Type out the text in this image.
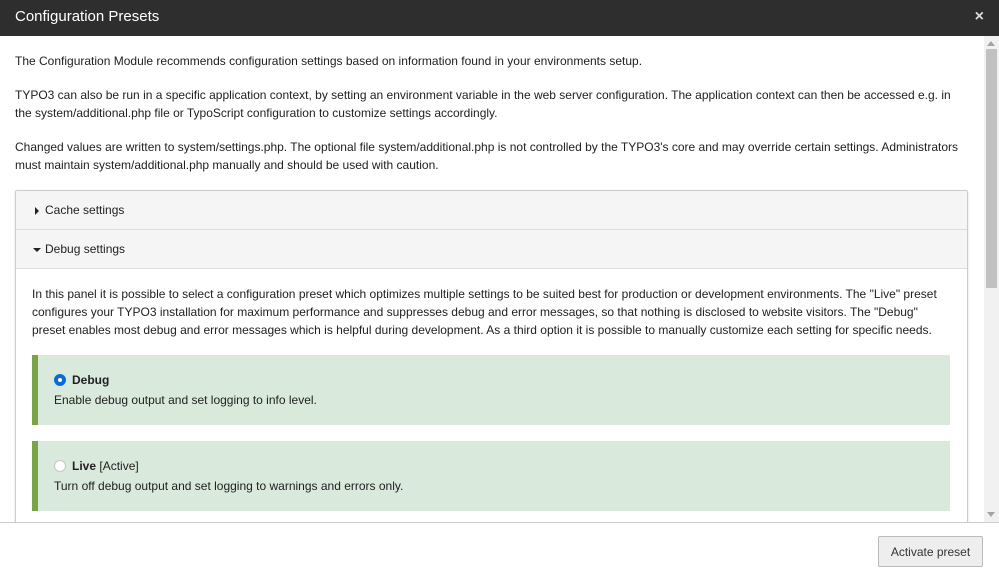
Configuration Presets	×

The Configuration Module recommends configuration settings based on information found in your environments setup.

TYPO3 can also be run in a specific application context, by setting an environment variable in the web server configuration. The application context can then be accessed e.g. in the system/additional.php file or TypoScript configuration to customize settings accordingly.

Changed values are written to system/settings.php. The optional file system/additional.php is not controlled by the TYPO3's core and may override certain settings. Administrators must maintain system/additional.php manually and should be used with caution.

Cache settings
Debug settings
In this panel it is possible to select a configuration preset which optimizes multiple settings to be suited best for production or development environments. The "Live" preset configures your TYPO3 installation for maximum performance and suppresses debug and error messages, so that nothing is disclosed to website visitors. The "Debug" preset enables most debug and error messages which is helpful during development. As a third option it is possible to manually customize each setting for specific needs.
Debug
Enable debug output and set logging to info level.
Live [Active]
Turn off debug output and set logging to warnings and errors only.
Activate preset
